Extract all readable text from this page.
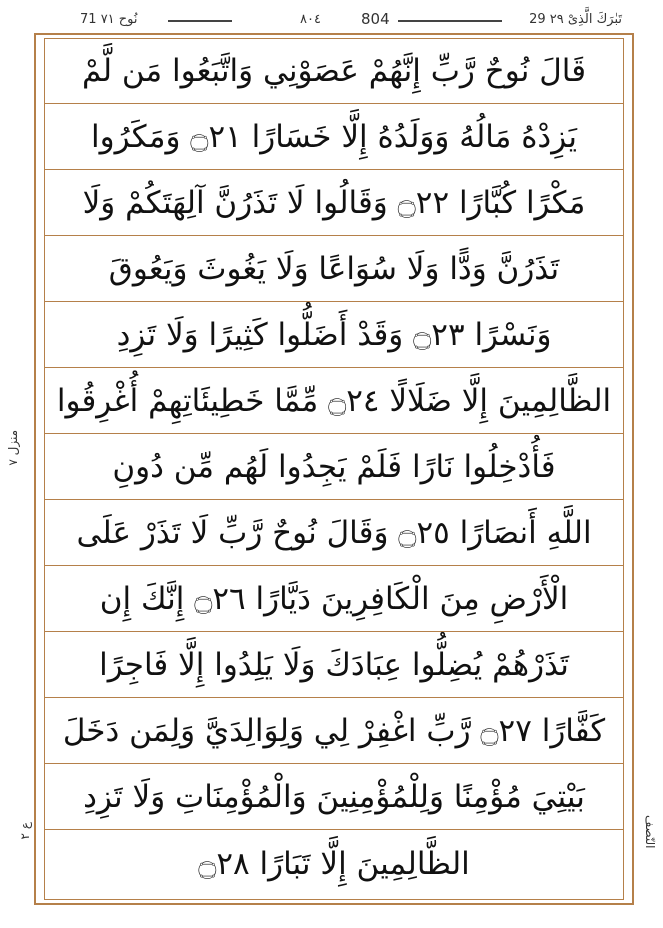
71 نُوح ٧١	٨٠٤	804	29 تَبٰرَكَ الَّذِیْ ٢٩
قَالَ نُوحٌ رَّبِّ إِنَّهُمْ عَصَوْنِي وَاتَّبَعُوا مَن لَّمْ
يَزِدْهُ مَالُهُ وَوَلَدُهُ إِلَّا خَسَارًا ۝٢١ وَمَكَرُوا
مَكْرًا كُبَّارًا ۝٢٢ وَقَالُوا لَا تَذَرُنَّ آلِهَتَكُمْ وَلَا
تَذَرُنَّ وَدًّا وَلَا سُوَاعًا وَلَا يَغُوثَ وَيَعُوقَ
وَنَسْرًا ۝٢٣ وَقَدْ أَضَلُّوا كَثِيرًا وَلَا تَزِدِ
الظَّالِمِينَ إِلَّا ضَلَالًا ۝٢٤ مِّمَّا خَطِيئَاتِهِمْ أُغْرِقُوا
فَأُدْخِلُوا نَارًا فَلَمْ يَجِدُوا لَهُم مِّن دُونِ
اللَّهِ أَنصَارًا ۝٢٥ وَقَالَ نُوحٌ رَّبِّ لَا تَذَرْ عَلَى
الْأَرْضِ مِنَ الْكَافِرِينَ دَيَّارًا ۝٢٦ إِنَّكَ إِن
تَذَرْهُمْ يُضِلُّوا عِبَادَكَ وَلَا يَلِدُوا إِلَّا فَاجِرًا
كَفَّارًا ۝٢٧ رَّبِّ اغْفِرْ لِي وَلِوَالِدَيَّ وَلِمَن دَخَلَ
بَيْتِيَ مُؤْمِنًا وَلِلْمُؤْمِنِينَ وَالْمُؤْمِنَاتِ وَلَا تَزِدِ
الظَّالِمِينَ إِلَّا تَبَارًا ۝٢٨
منزل ٧
ع ٢	النّصف
